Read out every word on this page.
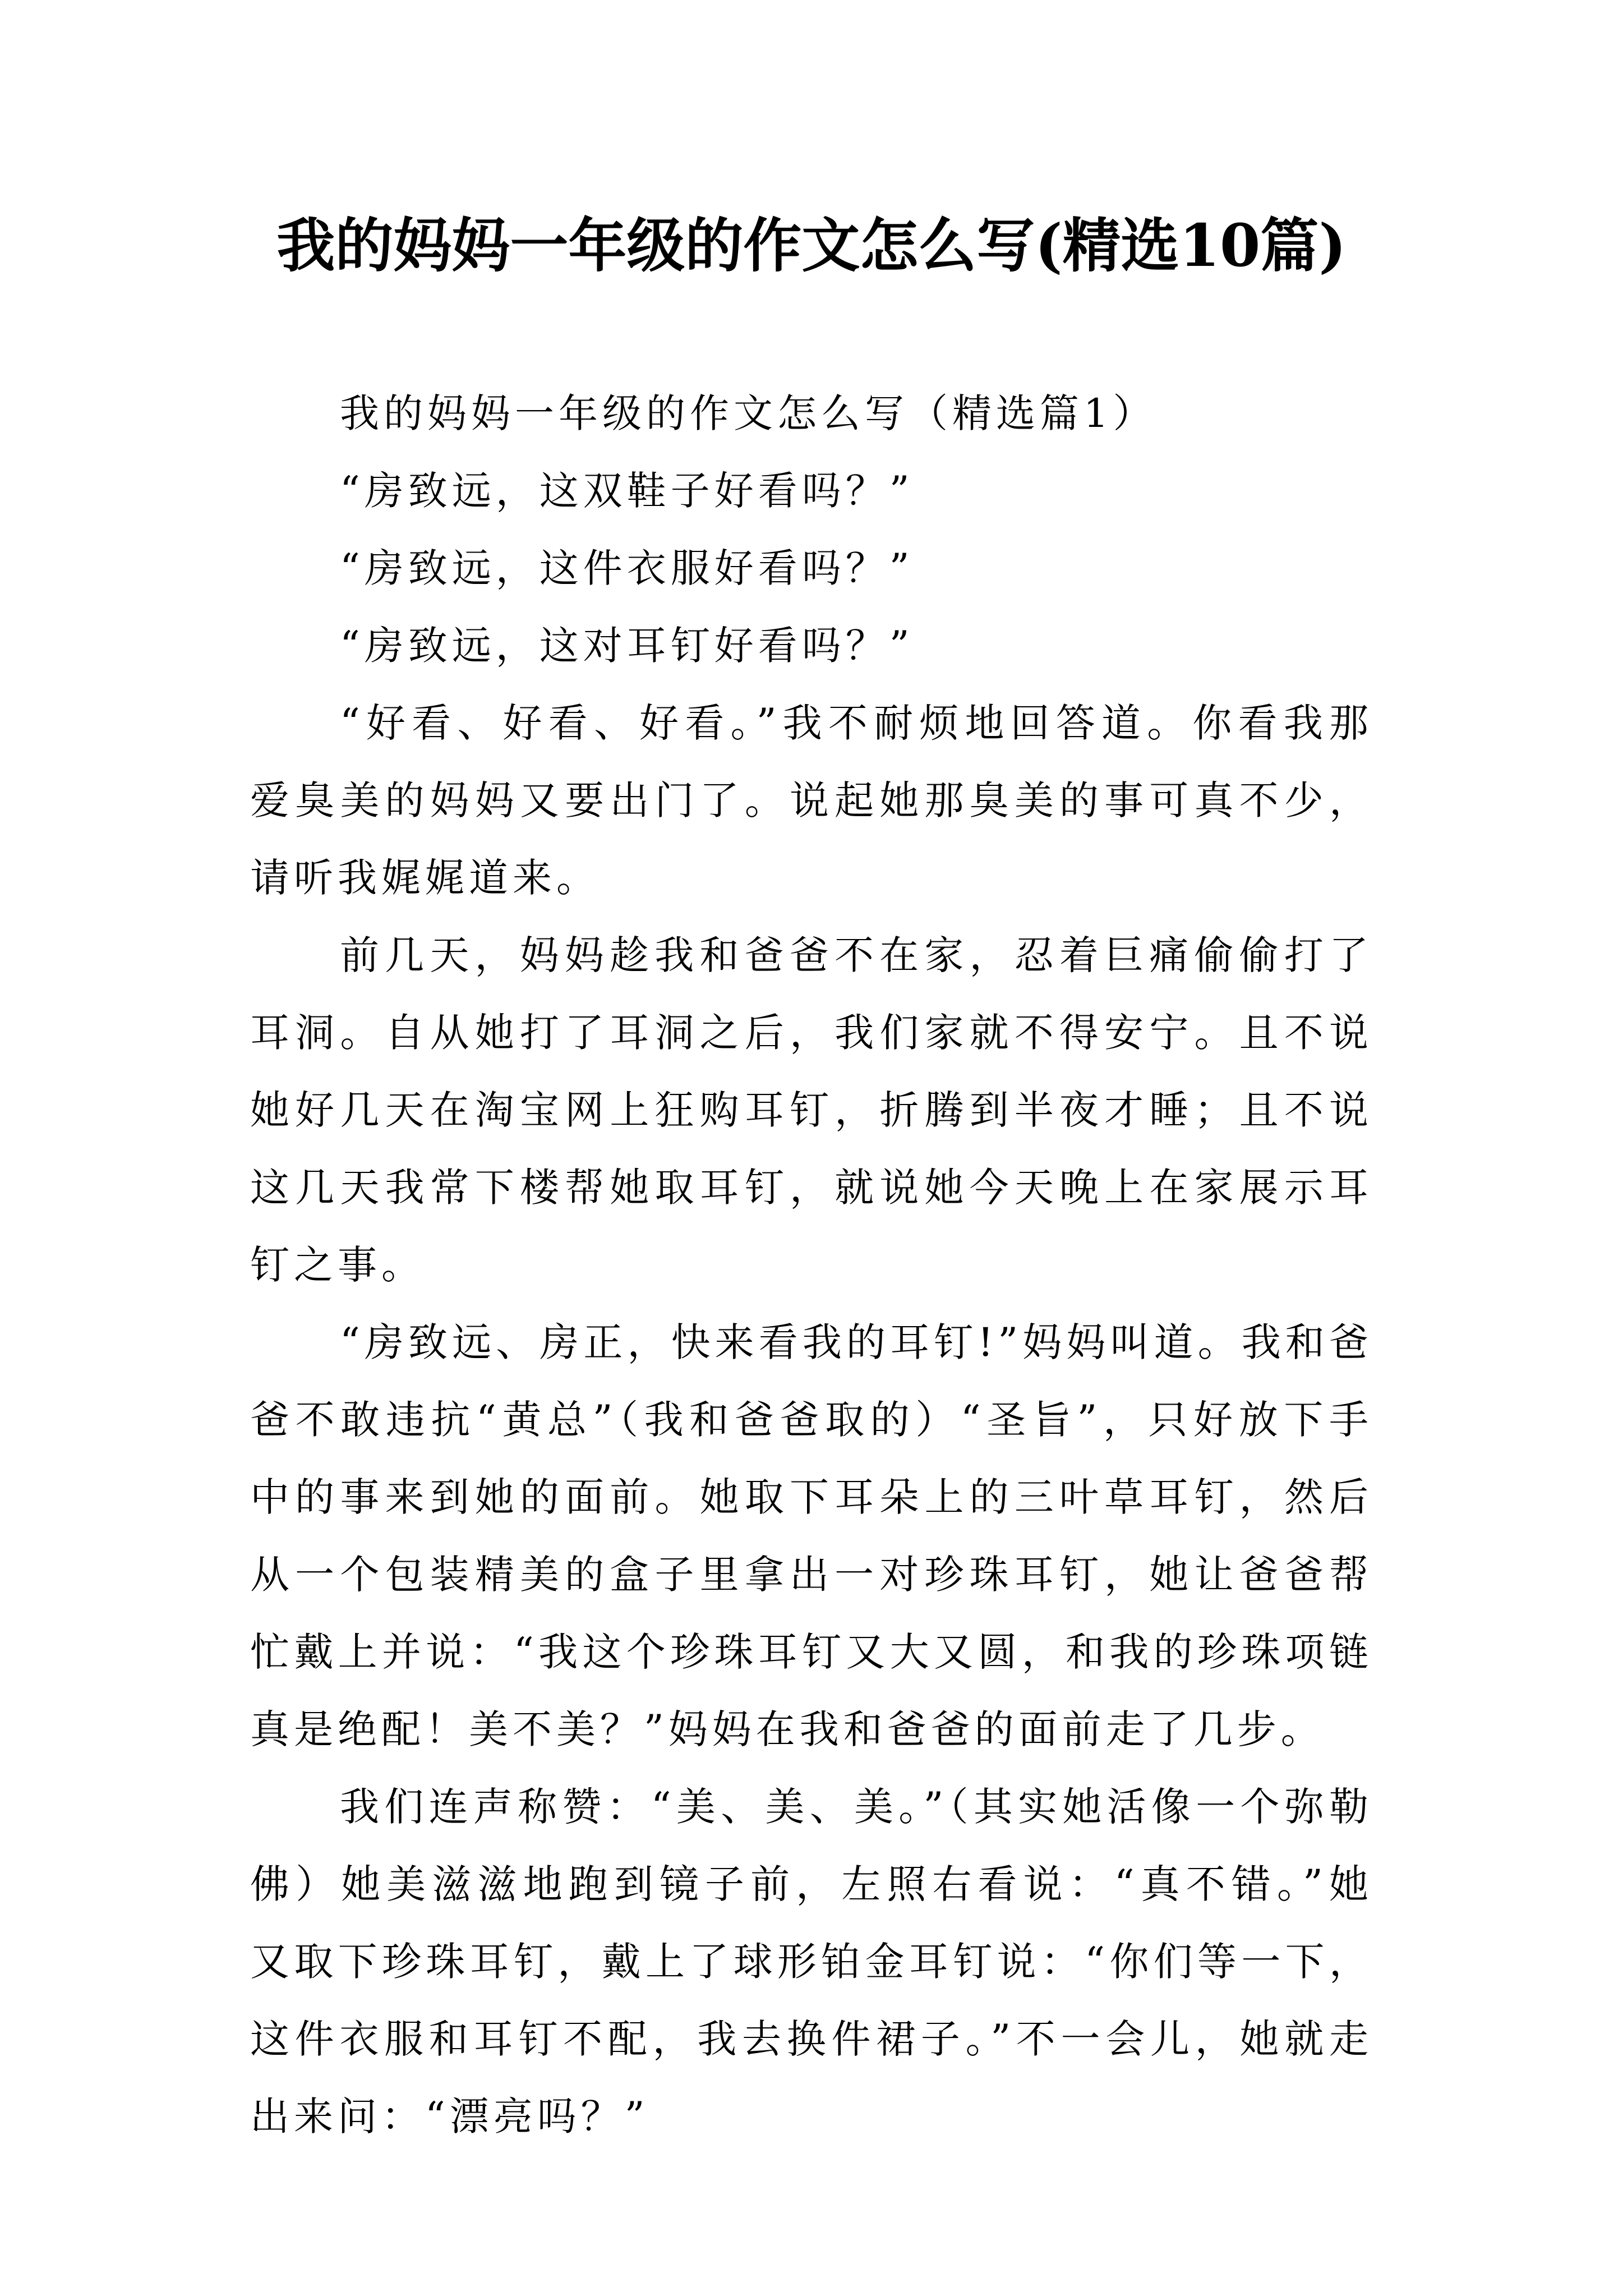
我的妈妈一年级的作文怎么写(精选10篇)

我的妈妈一年级的作文怎么写（精选篇1）

“房致远，这双鞋子好看吗？”

“房致远，这件衣服好看吗？”

“房致远，这对耳钉好看吗？”

“好看、好看、好看。”我不耐烦地回答道。你看我那爱臭美的妈妈又要出门了。说起她那臭美的事可真不少，请听我娓娓道来。

前几天，妈妈趁我和爸爸不在家，忍着巨痛偷偷打了耳洞。自从她打了耳洞之后，我们家就不得安宁。且不说她好几天在淘宝网上狂购耳钉，折腾到半夜才睡；且不说这几天我常下楼帮她取耳钉，就说她今天晚上在家展示耳钉之事。

“房致远、房正，快来看我的耳钉!”妈妈叫道。我和爸爸不敢违抗“黄总”（我和爸爸取的）“圣旨”，只好放下手中的事来到她的面前。她取下耳朵上的三叶草耳钉，然后从一个包装精美的盒子里拿出一对珍珠耳钉，她让爸爸帮忙戴上并说：“我这个珍珠耳钉又大又圆，和我的珍珠项链真是绝配！美不美？”妈妈在我和爸爸的面前走了几步。

我们连声称赞：“美、美、美。”（其实她活像一个弥勒佛）她美滋滋地跑到镜子前，左照右看说：“真不错。”她又取下珍珠耳钉，戴上了球形铂金耳钉说：“你们等一下，这件衣服和耳钉不配，我去换件裙子。”不一会儿，她就走出来问：“漂亮吗？”
